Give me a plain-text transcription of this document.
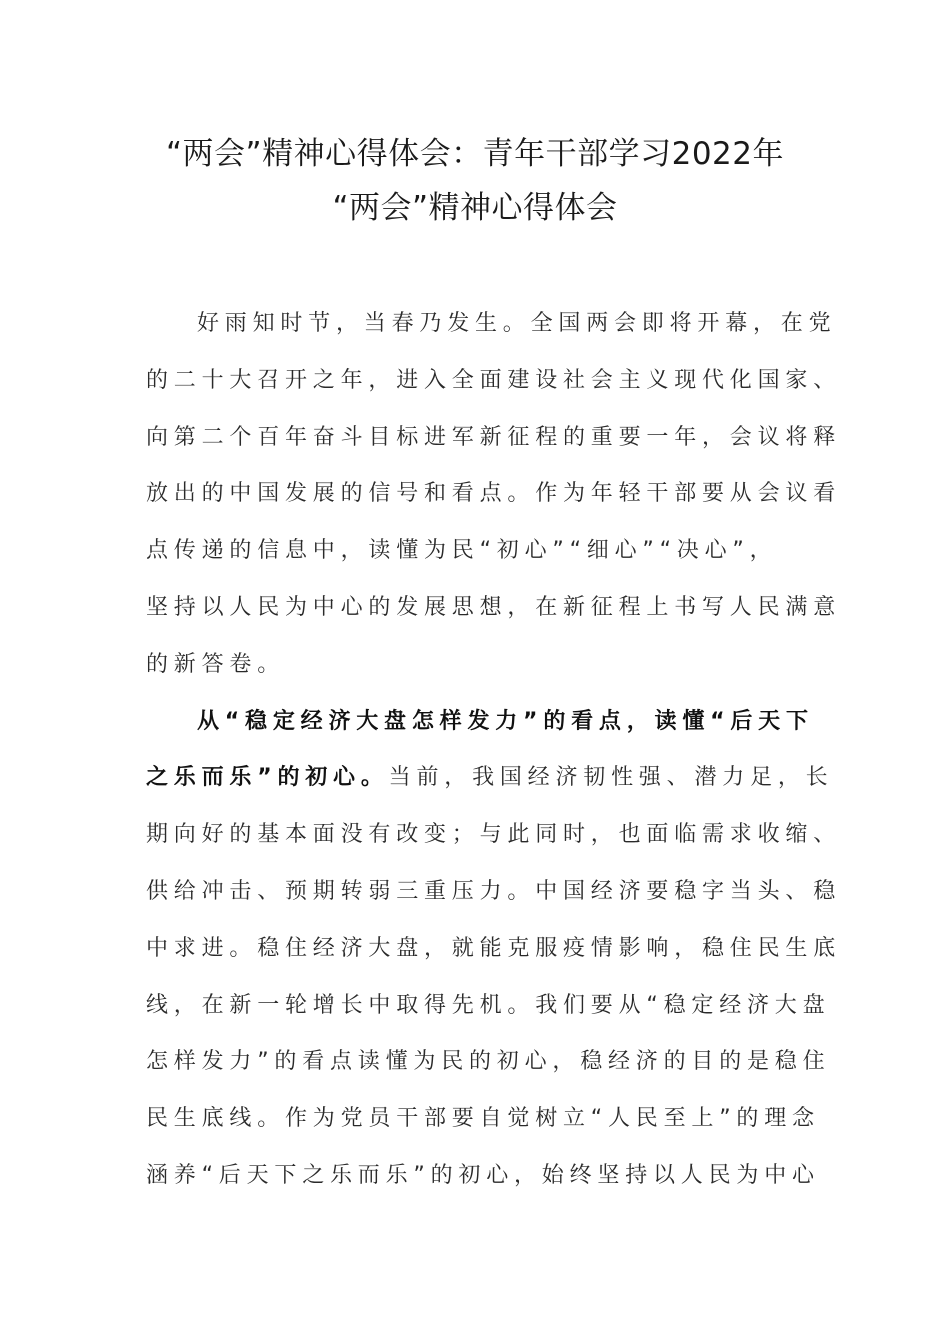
“两会”精神心得体会：青年干部学习2022年
“两会”精神心得体会
好雨知时节，当春乃发生。全国两会即将开幕，在党
的二十大召开之年，进入全面建设社会主义现代化国家、
向第二个百年奋斗目标进军新征程的重要一年，会议将释
放出的中国发展的信号和看点。作为年轻干部要从会议看
点传递的信息中，读懂为民“初心”“细心”“决心”，
坚持以人民为中心的发展思想，在新征程上书写人民满意
的新答卷。
从“稳定经济大盘怎样发力”的看点，读懂“后天下
之乐而乐”的初心。当前，我国经济韧性强、潜力足，长
期向好的基本面没有改变；与此同时，也面临需求收缩、
供给冲击、预期转弱三重压力。中国经济要稳字当头、稳
中求进。稳住经济大盘，就能克服疫情影响，稳住民生底
线，在新一轮增长中取得先机。我们要从“稳定经济大盘
怎样发力”的看点读懂为民的初心，稳经济的目的是稳住
民生底线。作为党员干部要自觉树立“人民至上”的理念
涵养“后天下之乐而乐”的初心，始终坚持以人民为中心
